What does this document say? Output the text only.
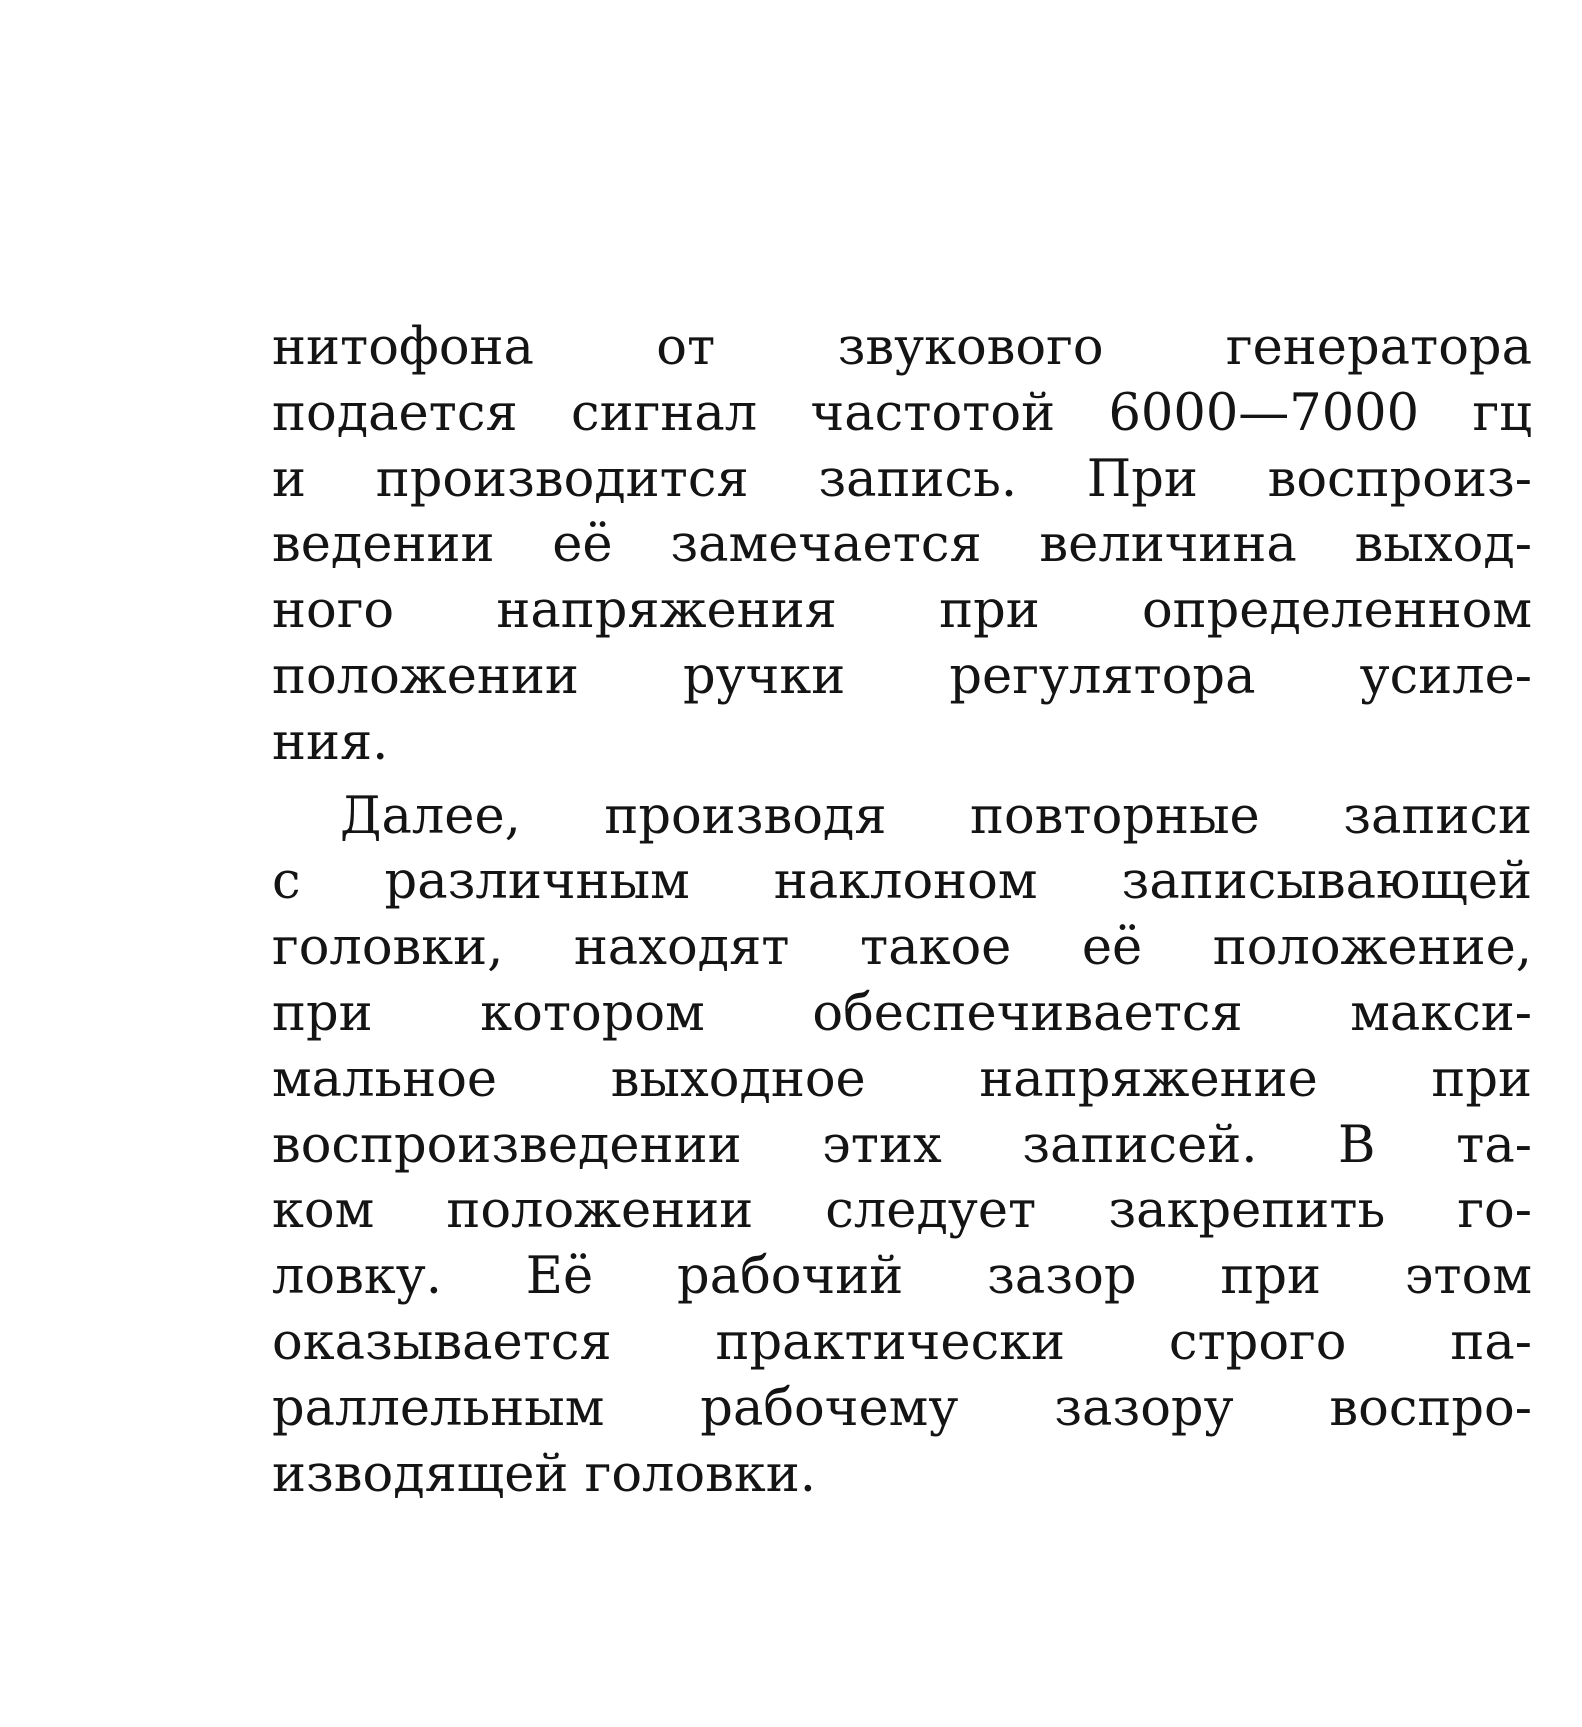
нитофона от звукового генератора
подается сигнал частотой 6000—7000 гц
и производится запись. При воспроиз-
ведении её замечается величина выход-
ного напряжения при определенном
положении ручки регулятора усиле-
ния.
Далее, производя повторные записи
с различным наклоном записывающей
головки, находят такое её положение,
при котором обеспечивается макси-
мальное выходное напряжение при
воспроизведении этих записей. В та-
ком положении следует закрепить го-
ловку. Её рабочий зазор при этом
оказывается практически строго па-
раллельным рабочему зазору воспро-
изводящей головки.
